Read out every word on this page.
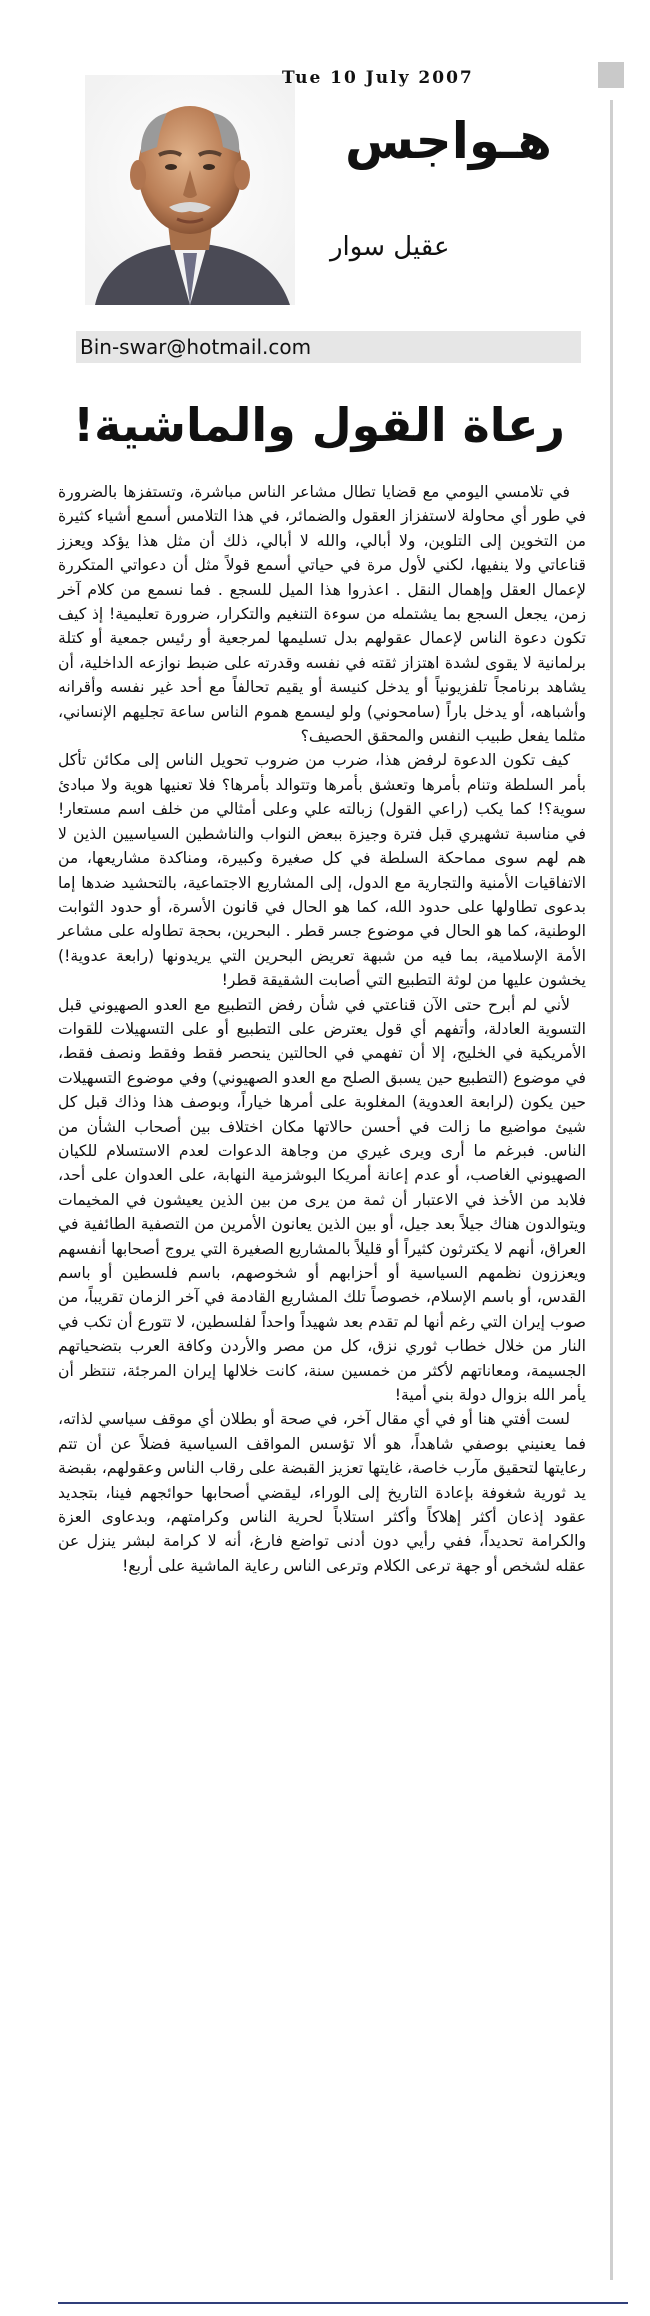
Tue 10 July 2007
هـواجس
عقيل سوار
Bin-swar@hotmail.com
رعاة القول والماشية!

في تلامسي اليومي مع قضايا تطال مشاعر الناس مباشرة، وتستفزها بالضرورة في طور أي محاولة لاستفزاز العقول والضمائر، في هذا التلامس أسمع أشياء كثيرة من التخوين إلى التلوين، ولا أبالي، والله لا أبالي، ذلك أن مثل هذا يؤكد ويعزز قناعاتي ولا ينفيها، لكني لأول مرة في حياتي أسمع قولاً مثل أن دعواتي المتكررة لإعمال العقل وإهمال النقل . اعذروا هذا الميل للسجع . فما نسمع من كلام آخر زمن، يجعل السجع بما يشتمله من سوءة التنغيم والتكرار، ضرورة تعليمية! إذ كيف تكون دعوة الناس لإعمال عقولهم بدل تسليمها لمرجعية أو رئيس جمعية أو كتلة برلمانية لا يقوى لشدة اهتزاز ثقته في نفسه وقدرته على ضبط نوازعه الداخلية، أن يشاهد برنامجاً تلفزيونياً أو يدخل كنيسة أو يقيم تحالفاً مع أحد غير نفسه وأقرانه وأشباهه، أو يدخل باراً (سامحوني) ولو ليسمع هموم الناس ساعة تجليهم الإنساني، مثلما يفعل طبيب النفس والمحقق الحصيف؟

كيف تكون الدعوة لرفض هذا، ضرب من ضروب تحويل الناس إلى مكائن تأكل بأمر السلطة وتنام بأمرها وتعشق بأمرها وتتوالد بأمرها؟ فلا تعنيها هوية ولا مبادئ سوية؟! كما يكب (راعي القول) زبالته علي وعلى أمثالي من خلف اسم مستعار! في مناسبة تشهيري قبل فترة وجيزة ببعض النواب والناشطين السياسيين الذين لا هم لهم سوى مماحكة السلطة في كل صغيرة وكبيرة، ومناكدة مشاريعها، من الاتفاقيات الأمنية والتجارية مع الدول، إلى المشاريع الاجتماعية، بالتحشيد ضدها إما بدعوى تطاولها على حدود الله، كما هو الحال في قانون الأسرة، أو حدود الثوابت الوطنية، كما هو الحال في موضوع جسر قطر . البحرين، بحجة تطاوله على مشاعر الأمة الإسلامية، بما فيه من شبهة تعريض البحرين التي يريدونها (رابعة عدوية!) يخشون عليها من لوثة التطبيع التي أصابت الشقيقة قطر!

لأني لم أبرح حتى الآن قناعتي في شأن رفض التطبيع مع العدو الصهيوني قبل التسوية العادلة، وأتفهم أي قول يعترض على التطبيع أو على التسهيلات للقوات الأمريكية في الخليج، إلا أن تفهمي في الحالتين ينحصر فقط وفقط ونصف فقط، في موضوع (التطبيع حين يسبق الصلح مع العدو الصهيوني) وفي موضوع التسهيلات حين يكون (لرابعة العدوية) المغلوبة على أمرها خياراً، وبوصف هذا وذاك قبل كل شيئ مواضيع ما زالت في أحسن حالاتها مكان اختلاف بين أصحاب الشأن من الناس. فبرغم ما أرى ويرى غيري من وجاهة الدعوات لعدم الاستسلام للكيان الصهيوني الغاصب، أو عدم إعانة أمريكا البوشزمية النهابة، على العدوان على أحد، فلابد من الأخذ في الاعتبار أن ثمة من يرى من بين الذين يعيشون في المخيمات ويتوالدون هناك جيلاً بعد جيل، أو بين الذين يعانون الأمرين من التصفية الطائفية في العراق، أنهم لا يكترثون كثيراً أو قليلاً بالمشاريع الصغيرة التي يروج أصحابها أنفسهم ويعززون نظمهم السياسية أو أحزابهم أو شخوصهم، باسم فلسطين أو باسم القدس، أو باسم الإسلام، خصوصاً تلك المشاريع القادمة في آخر الزمان تقريباً، من صوب إيران التي رغم أنها لم تقدم بعد شهيداً واحداً لفلسطين، لا تتورع أن تكب في النار من خلال خطاب ثوري نزق، كل من مصر والأردن وكافة العرب بتضحياتهم الجسيمة، ومعاناتهم لأكثر من خمسين سنة، كانت خلالها إيران المرجئة، تنتظر أن يأمر الله بزوال دولة بني أمية!

لست أفتي هنا أو في أي مقال آخر، في صحة أو بطلان أي موقف سياسي لذاته، فما يعنيني بوصفي شاهداً، هو ألا تؤسس المواقف السياسية فضلاً عن أن تتم رعايتها لتحقيق مآرب خاصة، غايتها تعزيز القبضة على رقاب الناس وعقولهم، بقبضة يد ثورية شغوفة بإعادة التاريخ إلى الوراء، ليقضي أصحابها حوائجهم فينا، بتجديد عقود إذعان أكثر إهلاكاً وأكثر استلاباً لحرية الناس وكرامتهم، وبدعاوى العزة والكرامة تحديداً، ففي رأيي دون أدنى تواضع فارغ، أنه لا كرامة لبشر ينزل عن عقله لشخص أو جهة ترعى الكلام وترعى الناس رعاية الماشية على أربع!
